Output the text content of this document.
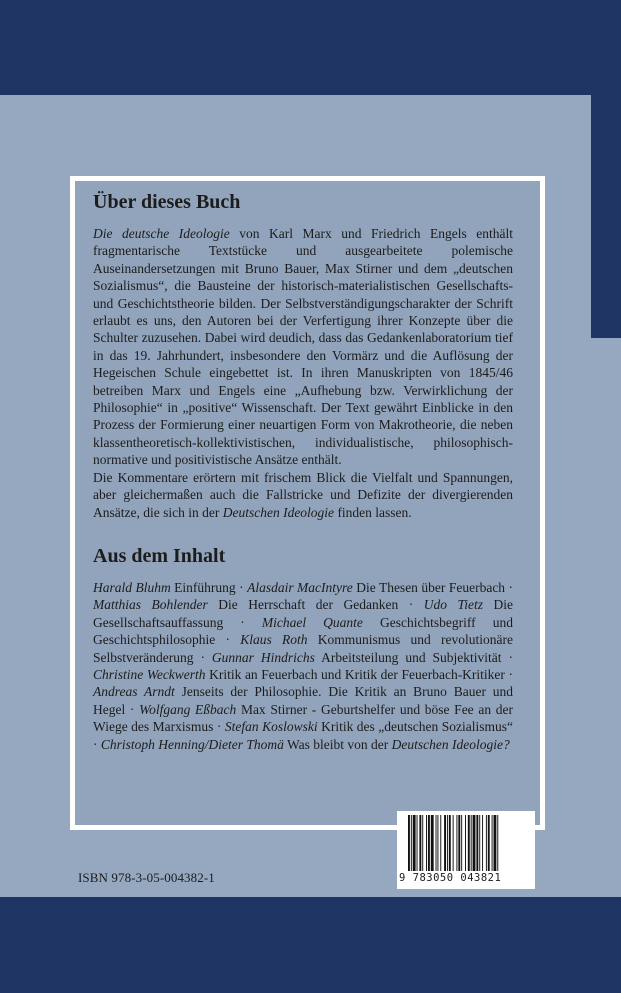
Über dieses Buch

Die deutsche Ideologie von Karl Marx und Friedrich Engels enthält fragmentarische Textstücke und ausgearbeitete polemische Auseinandersetzungen mit Bruno Bauer, Max Stirner und dem „deutschen Sozialismus“, die Bausteine der historisch-materialistischen Gesellschafts- und Geschichtstheorie bilden. Der Selbstverständigungscharakter der Schrift erlaubt es uns, den Autoren bei der Verfertigung ihrer Konzepte über die Schulter zuzusehen. Dabei wird deudich, dass das Gedankenlaboratorium tief in das 19. Jahrhundert, insbesondere den Vormärz und die Auflösung der Hegeischen Schule eingebettet ist. In ihren Manuskripten von 1845/46 betreiben Marx und Engels eine „Aufhebung bzw. Verwirklichung der Philosophie“ in „positive“ Wissenschaft. Der Text gewährt Einblicke in den Prozess der Formierung einer neuartigen Form von Makrotheorie, die neben klassentheoretisch-kollektivistischen, individualistische, philosophisch-normative und positivistische Ansätze enthält.

Die Kommentare erörtern mit frischem Blick die Vielfalt und Spannungen, aber gleichermaßen auch die Fallstricke und Defizite der divergierenden Ansätze, die sich in der Deutschen Ideologie finden lassen.

Aus dem Inhalt

Harald Bluhm Einführung · Alasdair MacIntyre Die Thesen über Feuerbach · Matthias Bohlender Die Herrschaft der Gedanken · Udo Tietz Die Gesellschaftsauffassung · Michael Quante Geschichtsbegriff und Geschichtsphilosophie · Klaus Roth Kommunismus und revolutionäre Selbstveränderung · Gunnar Hindrichs Arbeitsteilung und Subjektivität · Christine Weckwerth Kritik an Feuerbach und Kritik der Feuerbach-Kritiker · Andreas Arndt Jenseits der Philosophie. Die Kritik an Bruno Bauer und Hegel · Wolfgang Eßbach Max Stirner - Geburtshelfer und böse Fee an der Wiege des Marxismus · Stefan Koslowski Kritik des „deutschen Sozialismus“ · Christoph Henning/Dieter Thomä Was bleibt von der Deutschen Ideologie?

ISBN 978-3-05-004382-1	9 783050 043821
